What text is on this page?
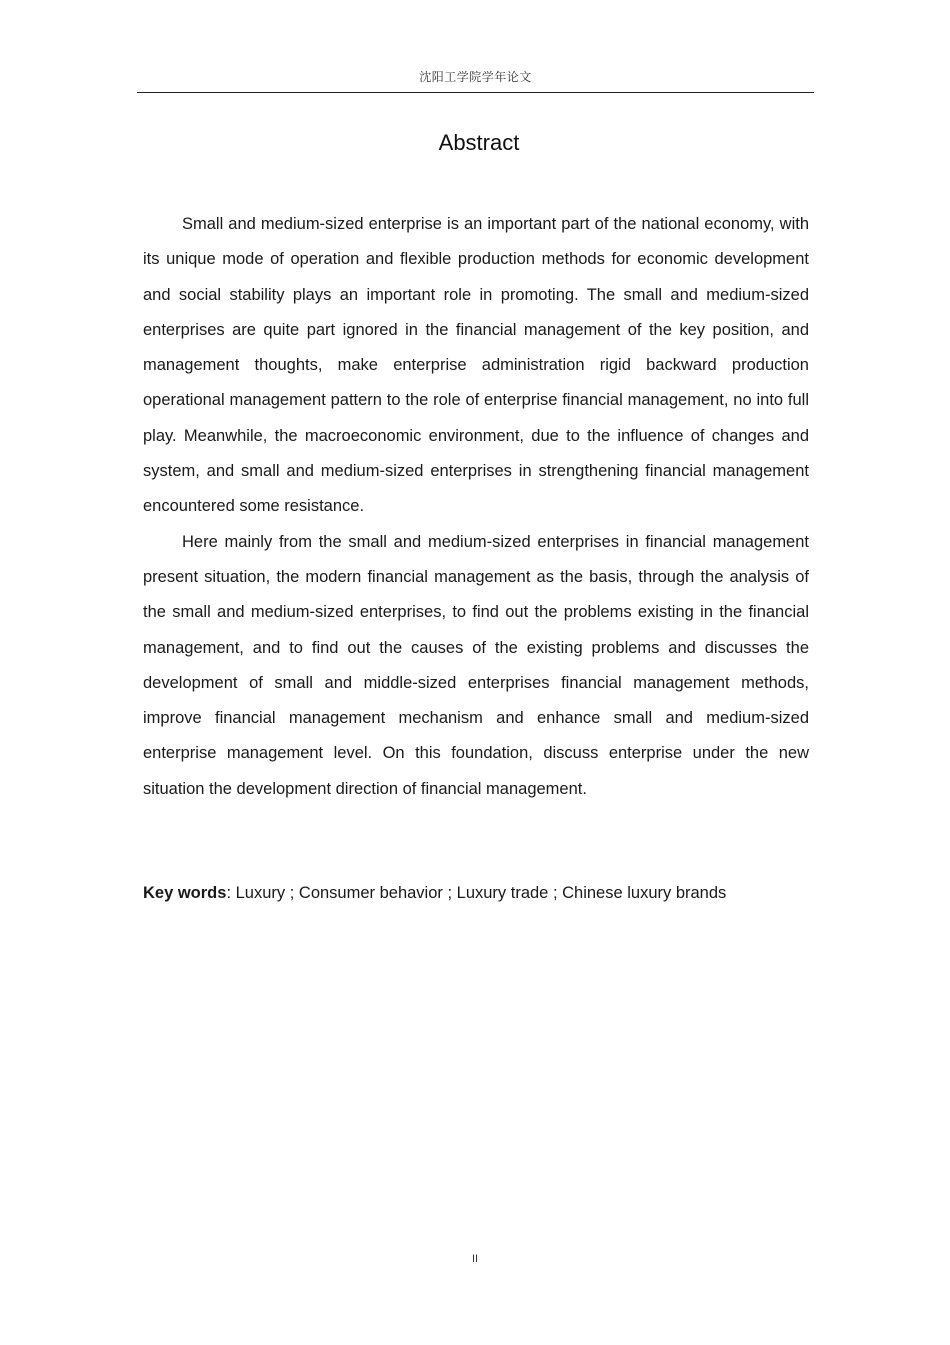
沈阳工学院学年论文
Abstract

Small and medium-sized enterprise is an important part of the national economy, with its unique mode of operation and flexible production methods for economic development and social stability plays an important role in promoting. The small and medium-sized enterprises are quite part ignored in the financial management of the key position, and management thoughts, make enterprise administration rigid backward production operational management pattern to the role of enterprise financial management, no into full play. Meanwhile, the macroeconomic environment, due to the influence of changes and system, and small and medium-sized enterprises in strengthening financial management encountered some resistance.

Here mainly from the small and medium-sized enterprises in financial management present situation, the modern financial management as the basis, through the analysis of the small and medium-sized enterprises, to find out the problems existing in the financial management, and to find out the causes of the existing problems and discusses the development of small and middle-sized enterprises financial management methods, improve financial management mechanism and enhance small and medium-sized enterprise management level. On this foundation, discuss enterprise under the new situation the development direction of financial management.

Key words: Luxury ; Consumer behavior ; Luxury trade ; Chinese luxury brands
II
